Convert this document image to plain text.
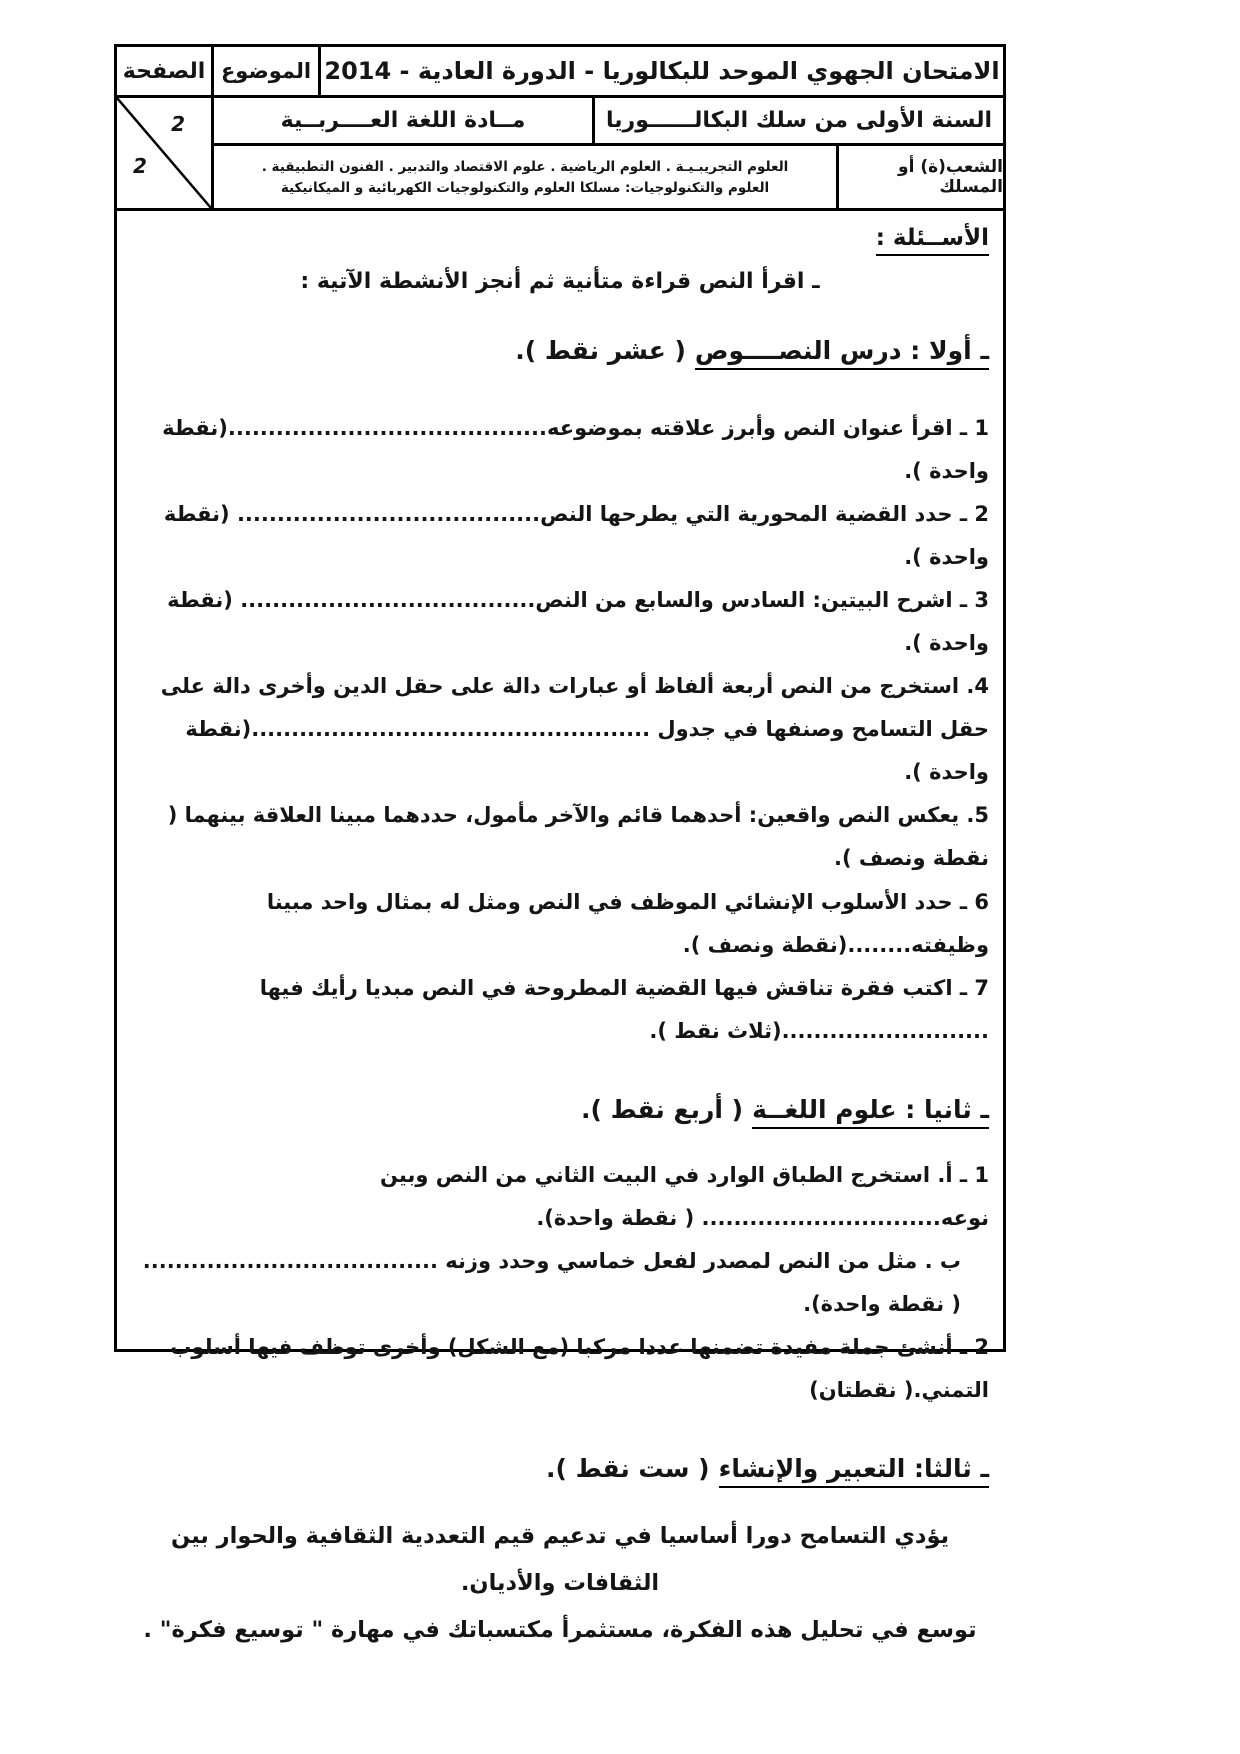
الصفحة الموضوع الامتحان الجهوي الموحد للبكالوريا - الدورة العادية - 2014
2
2
مــادة اللغة العــــربــية	السنة الأولى من سلك البكالــــــوريا
العلوم التجريبـيـة . العلوم الرياضية . علوم الاقتصاد والتدبير . الفنون التطبيقية .
العلوم والتكنولوجيات: مسلكا العلوم والتكنولوجيات الكهربائية و الميكانيكية
الشعب(ة) أو المسلك
الأســئلة :
ـ اقرأ النص قراءة متأنية ثم أنجز الأنشطة الآتية :
ـ أولا : درس النصــــوص( عشر نقط ).
1 ـ اقرأ عنوان النص وأبرز علاقته بموضوعه........................................(نقطة واحدة ).
2 ـ حدد القضية المحورية التي يطرحها النص...................................... (نقطة واحدة ).
3 ـ اشرح البيتين: السادس والسابع من النص..................................... (نقطة واحدة ).
4. استخرج من النص أربعة ألفاظ أو عبارات دالة على حقل الدين وأخرى دالة على حقل التسامح وصنفها في جدول ..................................................(نقطة واحدة ).
5. يعكس النص واقعين: أحدهما قائم والآخر مأمول، حددهما مبينا العلاقة بينهما ( نقطة ونصف ).
6 ـ حدد الأسلوب الإنشائي الموظف في النص ومثل له بمثال واحد مبينا وظيفته........(نقطة ونصف ).
7 ـ اكتب فقرة تناقش فيها القضية المطروحة في النص مبديا رأيك فيها ..........................(ثلاث نقط ).
ـ ثانيا : علوم اللغــة( أربع نقط ).
1 ـ أ. استخرج الطباق الوارد في البيت الثاني من النص وبين نوعه.............................. ( نقطة واحدة).
ب . مثل من النص لمصدر لفعل خماسي وحدد وزنه ..................................... ( نقطة واحدة).
2 ـ أنشئ جملة مفيدة تضمنها عددا مركبا (مع الشكل) وأخرى توظف فيها أسلوب التمني.( نقطتان)
ـ ثالثا: التعبير والإنشاء( ست نقط ).
يؤدي التسامح دورا أساسيا في تدعيم قيم التعددية الثقافية والحوار بين الثقافات والأديان.
توسع في تحليل هذه الفكرة، مستثمرأ مكتسباتك في مهارة " توسيع فكرة" .
